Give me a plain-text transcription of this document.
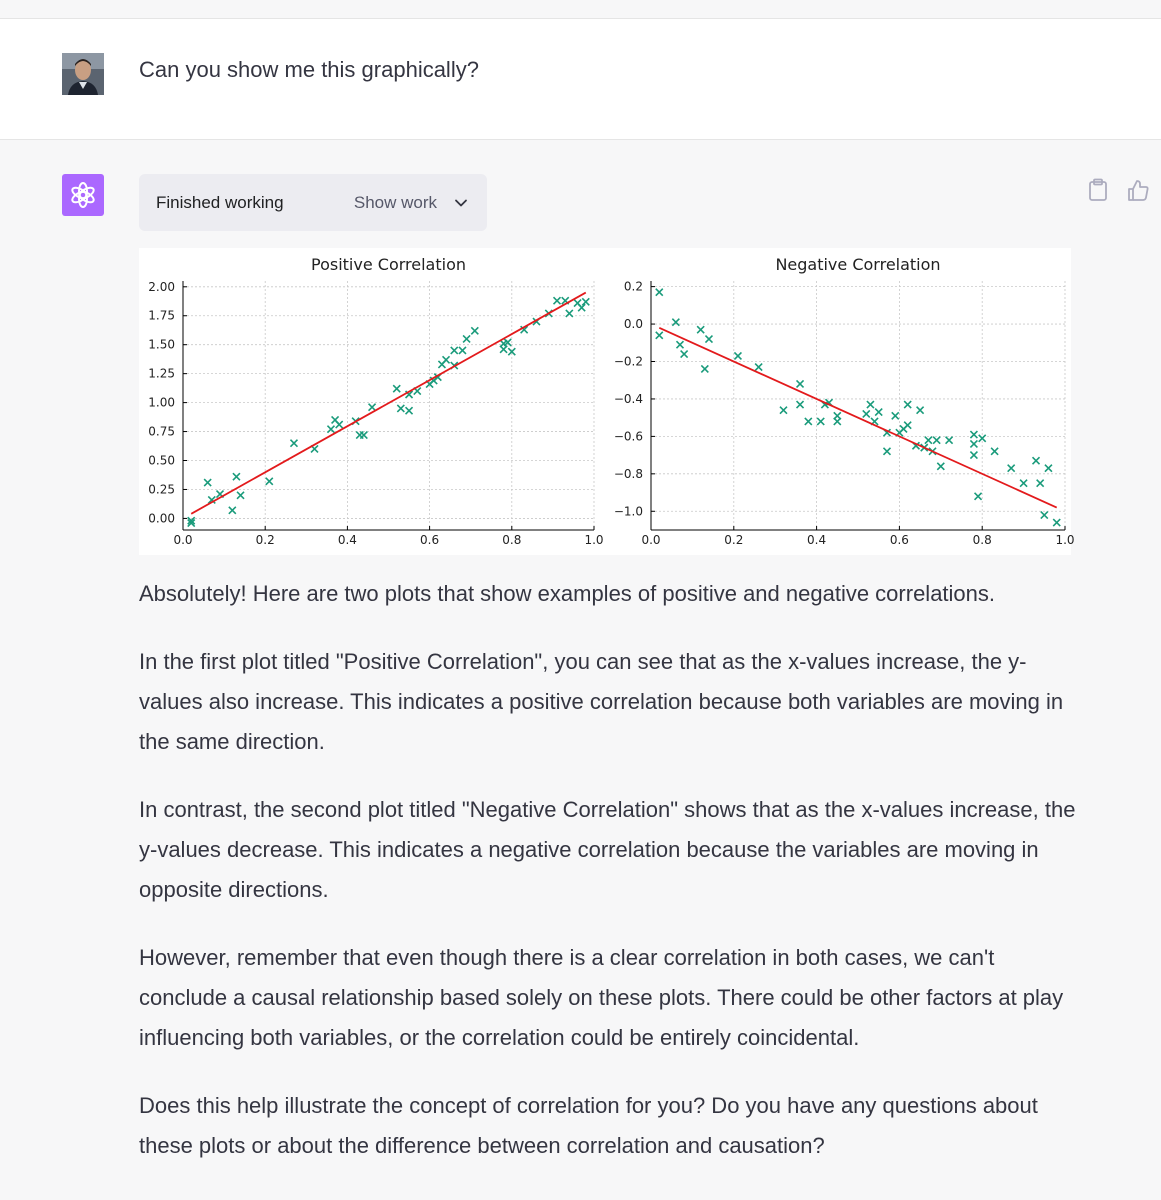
Can you show me this graphically?
Finished working	Show work
0.0	0.2	0.4	0.6	0.8	1.0
0.00
0.25
0.50
0.75
1.00
1.25
1.50
1.75
2.00
Positive Correlation
0.0	0.2	0.4	0.6	0.8	1.0
0.2
0.0
−0.2
−0.4
−0.6
−0.8
−1.0
Negative Correlation

Absolutely! Here are two plots that show examples of positive and negative correlations.

In the first plot titled "Positive Correlation", you can see that as the x-values increase, the y-values also increase. This indicates a positive correlation because both variables are moving in the same direction.

In contrast, the second plot titled "Negative Correlation" shows that as the x-values increase, the y-values decrease. This indicates a negative correlation because the variables are moving in opposite directions.

However, remember that even though there is a clear correlation in both cases, we can't conclude a causal relationship based solely on these plots. There could be other factors at play influencing both variables, or the correlation could be entirely coincidental.

Does this help illustrate the concept of correlation for you? Do you have any questions about these plots or about the difference between correlation and causation?
